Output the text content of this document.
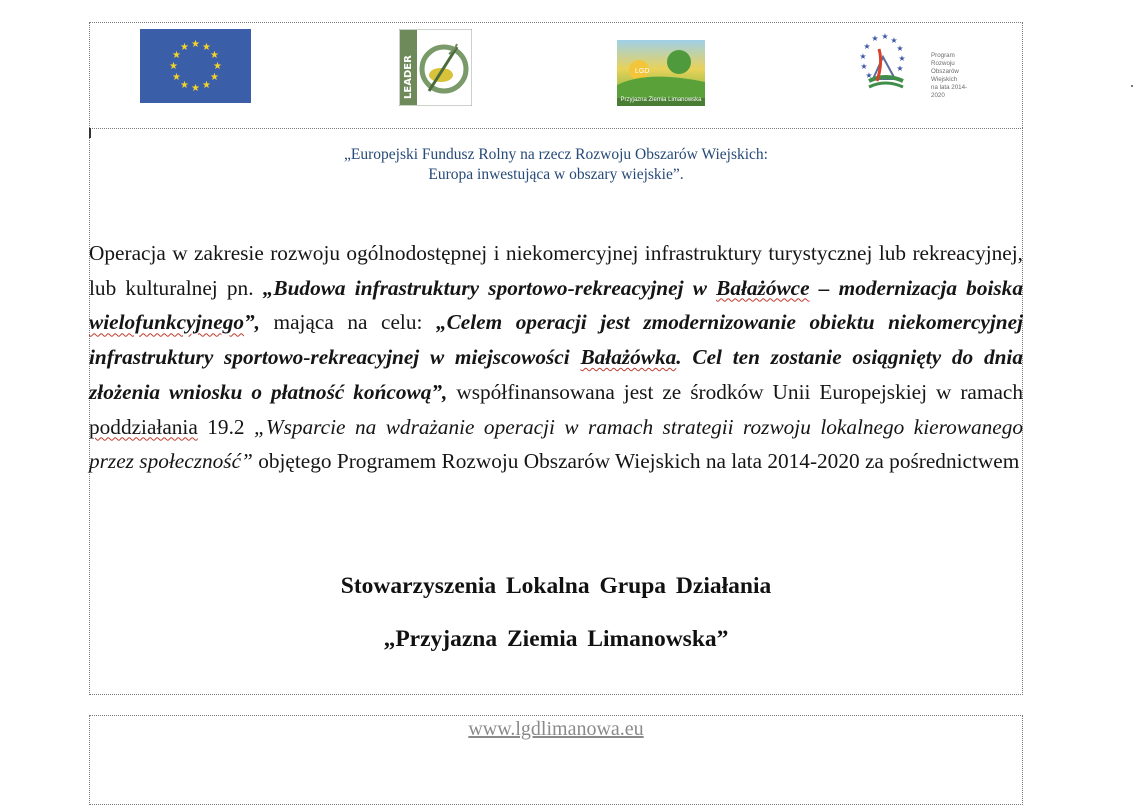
★ ★
★
★
★
★
★
★
★
★
★
★
LEADER
Przyjazna Ziemia Limanowska
LGD
★ ★
★
★
★
★
★
★
★
★
Program
Rozwoju
Obszarów
Wiejskich
na lata 2014-2020
„Europejski Fundusz Rolny na rzecz Rozwoju Obszarów Wiejskich:
Europa inwestująca w obszary wiejskie”.
Operacja w zakresie rozwoju ogólnodostępnej i niekomercyjnej infrastruktury turystycznej lub rekreacyjnej, lub kulturalnej pn. „Budowa infrastruktury sportowo-rekreacyjnej w Bałażówce – modernizacja boiska wielofunkcyjnego”, mająca na celu: „Celem operacji jest zmodernizowanie obiektu niekomercyjnej infrastruktury sportowo-rekreacyjnej w miejscowości Bałażówka. Cel ten zostanie osiągnięty do dnia złożenia wniosku o płatność końcową”, współfinansowana jest ze środków Unii Europejskiej w ramach poddziałania 19.2 „Wsparcie na wdrażanie operacji w ramach strategii rozwoju lokalnego kierowanego przez społeczność” objętego Programem Rozwoju Obszarów Wiejskich na lata 2014-2020 za pośrednictwem
Stowarzyszenia Lokalna Grupa Działania
„Przyjazna Ziemia Limanowska”
www.lgdlimanowa.eu
